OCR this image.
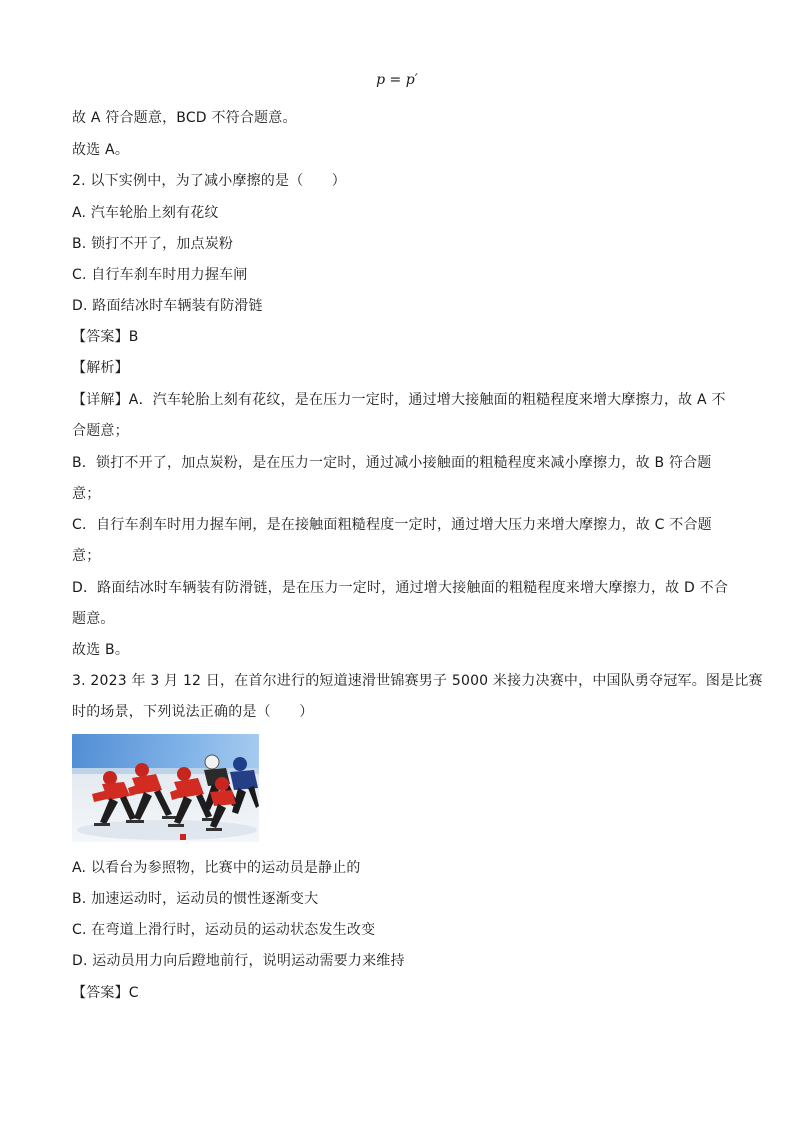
p = p′
故 A 符合题意，BCD 不符合题意。
故选 A。
2. 以下实例中，为了减小摩擦的是（　　）
A. 汽车轮胎上刻有花纹
B. 锁打不开了，加点炭粉
C. 自行车刹车时用力握车闸
D. 路面结冰时车辆装有防滑链
【答案】B
【解析】
【详解】A．汽车轮胎上刻有花纹，是在压力一定时，通过增大接触面的粗糙程度来增大摩擦力，故 A 不
合题意；
B．锁打不开了，加点炭粉，是在压力一定时，通过减小接触面的粗糙程度来减小摩擦力，故 B 符合题
意；
C．自行车刹车时用力握车闸，是在接触面粗糙程度一定时，通过增大压力来增大摩擦力，故 C 不合题
意；
D．路面结冰时车辆装有防滑链，是在压力一定时，通过增大接触面的粗糙程度来增大摩擦力，故 D 不合
题意。
故选 B。
3. 2023 年 3 月 12 日，在首尔进行的短道速滑世锦赛男子 5000 米接力决赛中，中国队勇夺冠军。图是比赛
时的场景，下列说法正确的是（　　）
A. 以看台为参照物，比赛中的运动员是静止的
B. 加速运动时，运动员的惯性逐渐变大
C. 在弯道上滑行时，运动员的运动状态发生改变
D. 运动员用力向后蹬地前行，说明运动需要力来维持
【答案】C
